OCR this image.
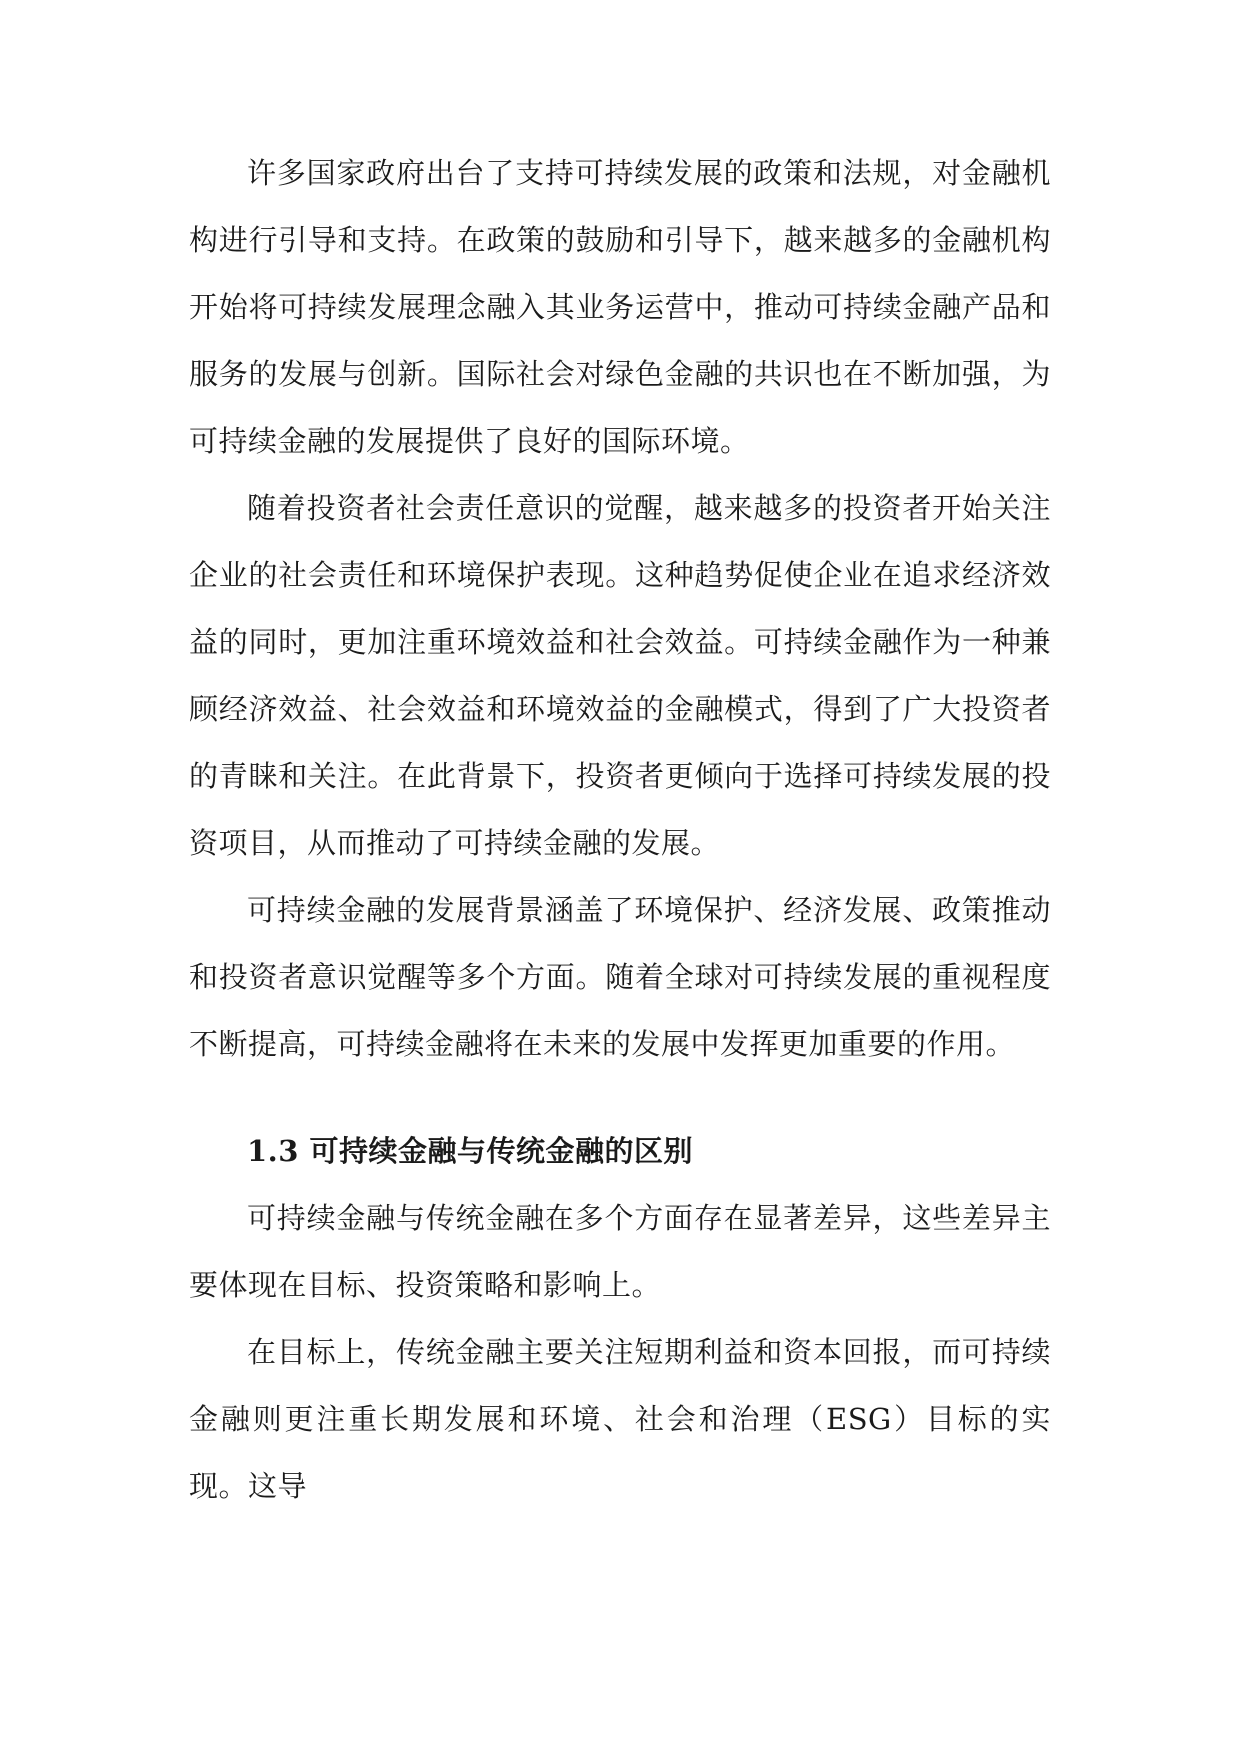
许多国家政府出台了支持可持续发展的政策和法规，对金融机构进行引导和支持。在政策的鼓励和引导下，越来越多的金融机构开始将可持续发展理念融入其业务运营中，推动可持续金融产品和服务的发展与创新。国际社会对绿色金融的共识也在不断加强，为可持续金融的发展提供了良好的国际环境。

随着投资者社会责任意识的觉醒，越来越多的投资者开始关注企业的社会责任和环境保护表现。这种趋势促使企业在追求经济效益的同时，更加注重环境效益和社会效益。可持续金融作为一种兼顾经济效益、社会效益和环境效益的金融模式，得到了广大投资者的青睐和关注。在此背景下，投资者更倾向于选择可持续发展的投资项目，从而推动了可持续金融的发展。

可持续金融的发展背景涵盖了环境保护、经济发展、政策推动和投资者意识觉醒等多个方面。随着全球对可持续发展的重视程度不断提高，可持续金融将在未来的发展中发挥更加重要的作用。

1.3 可持续金融与传统金融的区别

可持续金融与传统金融在多个方面存在显著差异，这些差异主要体现在目标、投资策略和影响上。

在目标上，传统金融主要关注短期利益和资本回报，而可持续金融则更注重长期发展和环境、社会和治理（ESG）目标的实现。这导
